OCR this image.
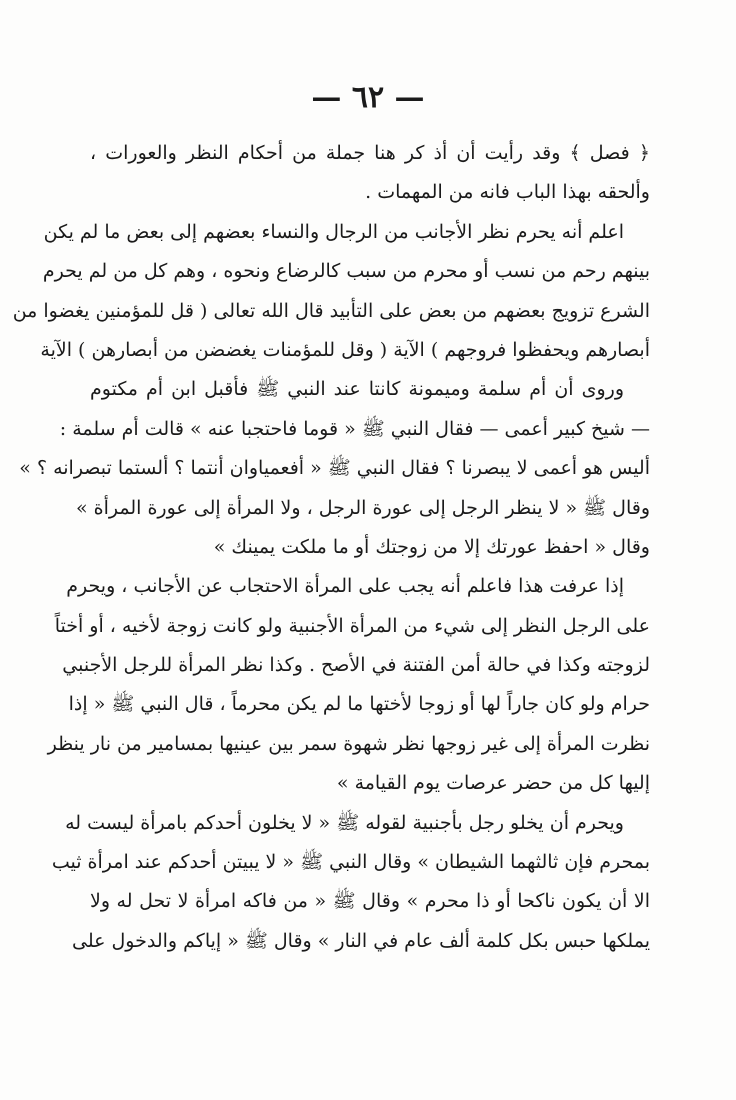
— ٦٢ —
﴿ فصل ﴾ وقد رأيت أن أذ كر هنا جملة من أحكام النظر والعورات ،
وألحقه بهذا الباب فانه من المهمات .
اعلم أنه يحرم نظر الأجانب من الرجال والنساء بعضهم إلى بعض ما لم يكن
بينهم رحم من نسب أو محرم من سبب كالرضاع ونحوه ، وهم كل من لم يحرم
الشرع تزويج بعضهم من بعض على التأبيد قال الله تعالى ( قل للمؤمنين يغضوا من
أبصارهم ويحفظوا فروجهم ) الآية ( وقل للمؤمنات يغضضن من أبصارهن ) الآية
وروى أن أم سلمة وميمونة كانتا عند النبي ﷺ فأقبل ابن أم مكتوم
— شيخ كبير أعمى — فقال النبي ﷺ « قوما فاحتجبا عنه » قالت أم سلمة :
أليس هو أعمى لا يبصرنا ؟ فقال النبي ﷺ « أفعمياوان أنتما ؟ ألستما تبصرانه ؟ »
وقال ﷺ « لا ينظر الرجل إلى عورة الرجل ، ولا المرأة إلى عورة المرأة »
وقال « احفظ عورتك إلا من زوجتك أو ما ملكت يمينك »
إذا عرفت هذا فاعلم أنه يجب على المرأة الاحتجاب عن الأجانب ، ويحرم
على الرجل النظر إلى شيء من المرأة الأجنبية ولو كانت زوجة لأخيه ، أو أختاً
لزوجته وكذا في حالة أمن الفتنة في الأصح . وكذا نظر المرأة للرجل الأجنبي
حرام ولو كان جاراً لها أو زوجا لأختها ما لم يكن محرماً ، قال النبي ﷺ « إذا
نظرت المرأة إلى غير زوجها نظر شهوة سمر بين عينيها بمسامير من نار ينظر
إليها كل من حضر عرصات يوم القيامة »
ويحرم أن يخلو رجل بأجنبية لقوله ﷺ « لا يخلون أحدكم بامرأة ليست له
بمحرم فإن ثالثهما الشيطان » وقال النبي ﷺ « لا يبيتن أحدكم عند امرأة ثيب
الا أن يكون ناكحا أو ذا محرم » وقال ﷺ « من فاكه امرأة لا تحل له ولا
يملكها حبس بكل كلمة ألف عام في النار » وقال ﷺ « إياكم والدخول على
